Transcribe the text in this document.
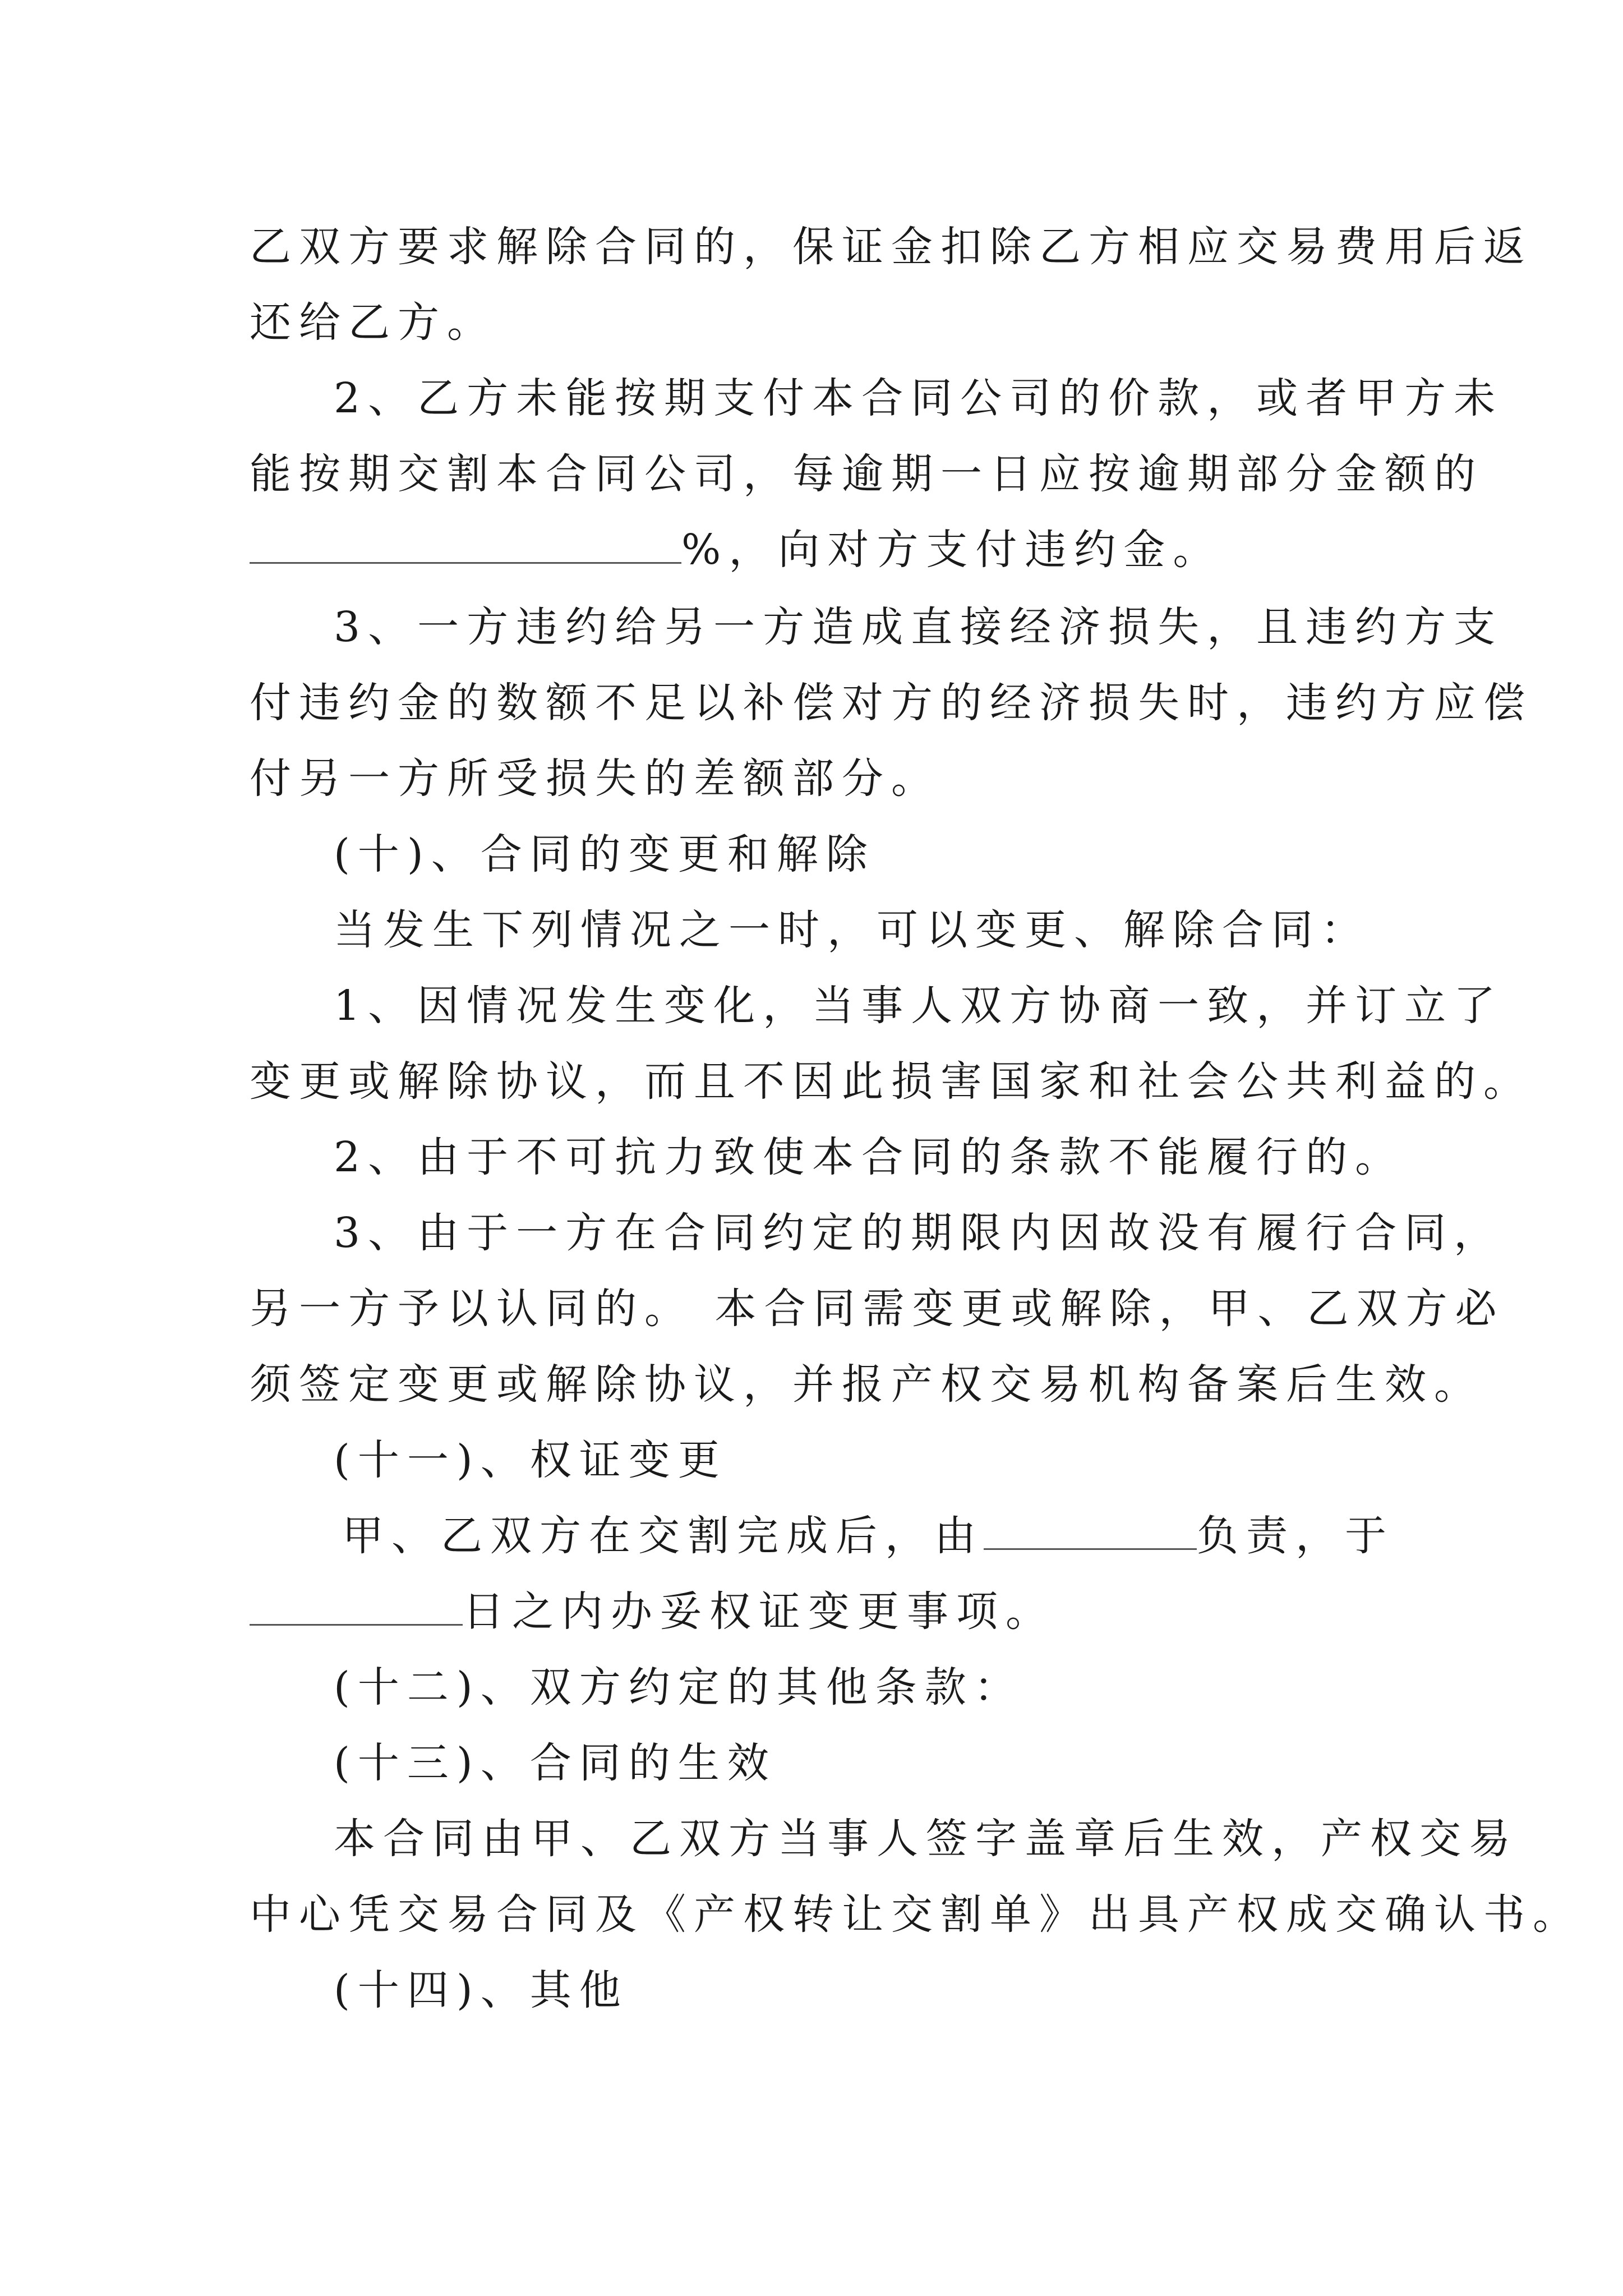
乙双方要求解除合同的，保证金扣除乙方相应交易费用后返
还给乙方。
2、乙方未能按期支付本合同公司的价款，或者甲方未
能按期交割本合同公司，每逾期一日应按逾期部分金额的
%，向对方支付违约金。
3、一方违约给另一方造成直接经济损失，且违约方支
付违约金的数额不足以补偿对方的经济损失时，违约方应偿
付另一方所受损失的差额部分。
(十)、合同的变更和解除
当发生下列情况之一时，可以变更、解除合同：
1、因情况发生变化，当事人双方协商一致，并订立了
变更或解除协议，而且不因此损害国家和社会公共利益的。
2、由于不可抗力致使本合同的条款不能履行的。
3、由于一方在合同约定的期限内因故没有履行合同，
另一方予以认同的。 本合同需变更或解除，甲、乙双方必
须签定变更或解除协议，并报产权交易机构备案后生效。
(十一)、权证变更
甲、乙双方在交割完成后，由	负责，于
日之内办妥权证变更事项。
(十二)、双方约定的其他条款：
(十三)、合同的生效
本合同由甲、乙双方当事人签字盖章后生效，产权交易
中心凭交易合同及《产权转让交割单》出具产权成交确认书。
(十四)、其他
